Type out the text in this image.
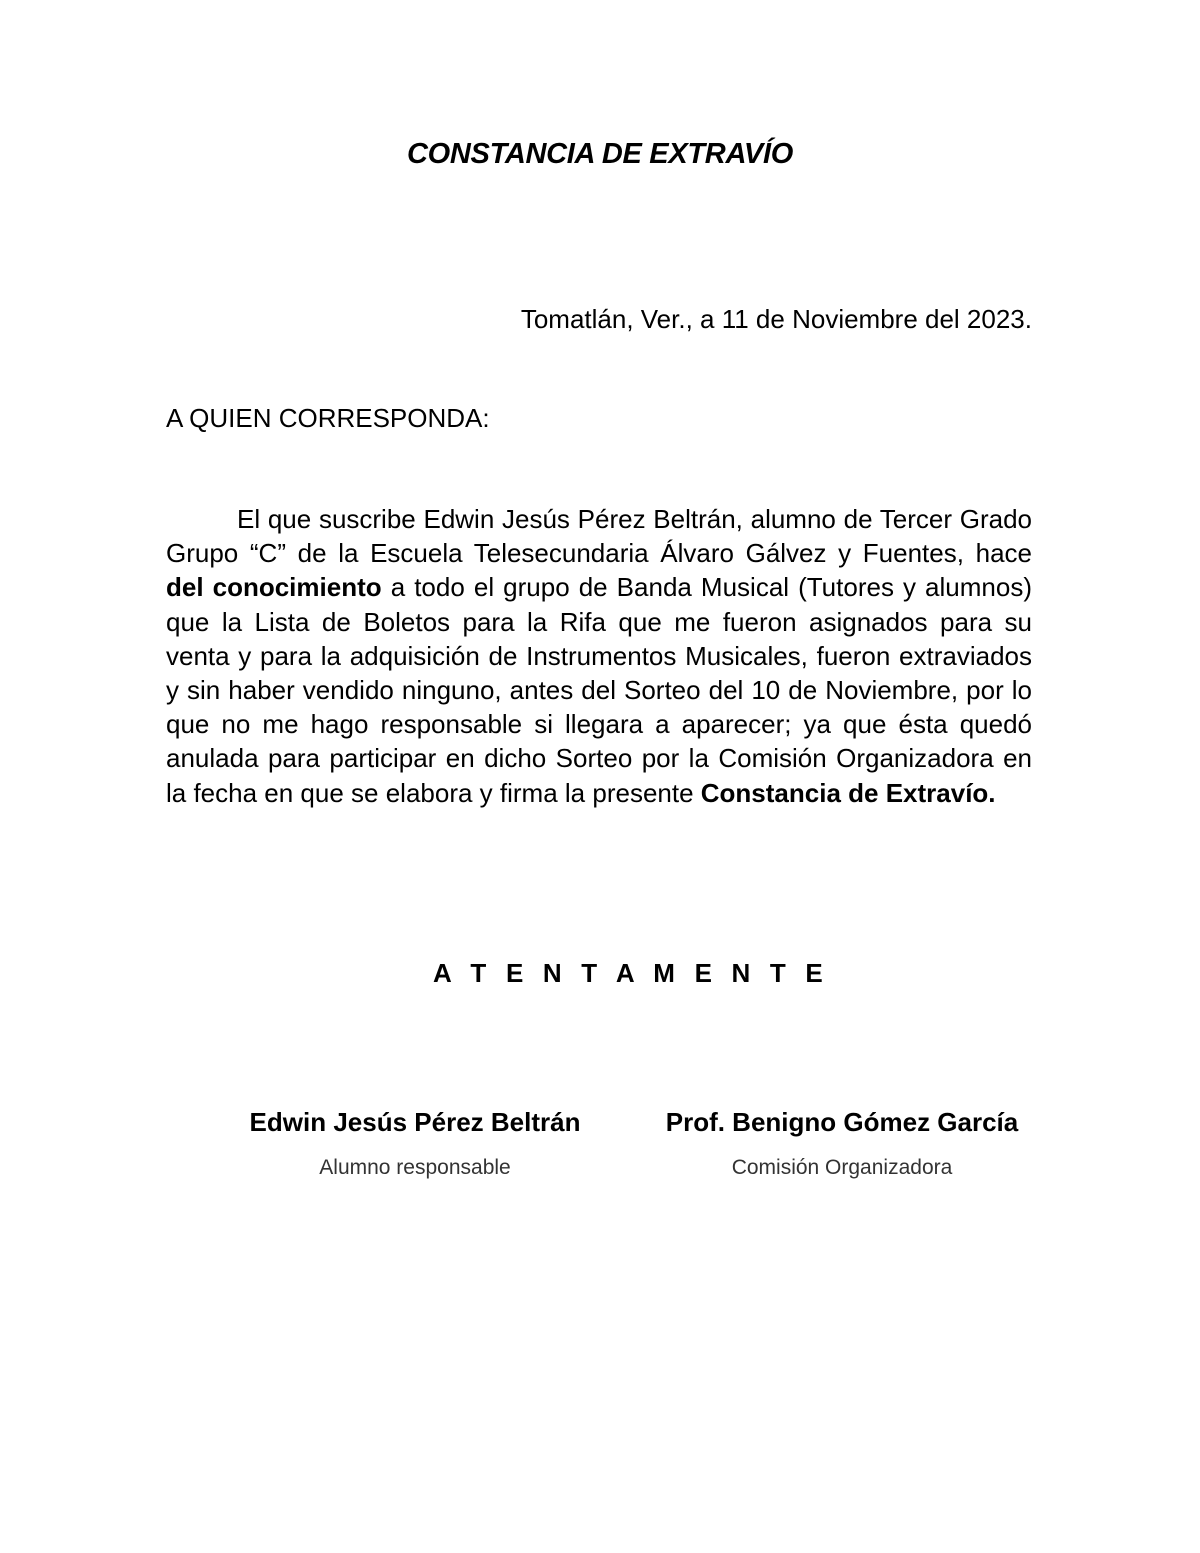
CONSTANCIA DE EXTRAVÍO
Tomatlán, Ver., a 11 de Noviembre del 2023.
A QUIEN CORRESPONDA:

El que suscribe Edwin Jesús Pérez Beltrán, alumno de Tercer Grado Grupo “C” de la Escuela Telesecundaria Álvaro Gálvez y Fuentes, hace del conocimiento a todo el grupo de Banda Musical (Tutores y alumnos) que la Lista de Boletos para la Rifa que me fueron asignados para su venta y para la adquisición de Instrumentos Musicales, fueron extraviados y sin haber vendido ninguno, antes del Sorteo del 10 de Noviembre, por lo que no me hago responsable si llegara a aparecer; ya que ésta quedó anulada para participar en dicho Sorteo por la Comisión Organizadora en la fecha en que se elabora y firma la presente Constancia de Extravío.

A T E N T A M E N T E
Edwin Jesús Pérez Beltrán
Alumno responsable
Prof. Benigno Gómez García
Comisión Organizadora
